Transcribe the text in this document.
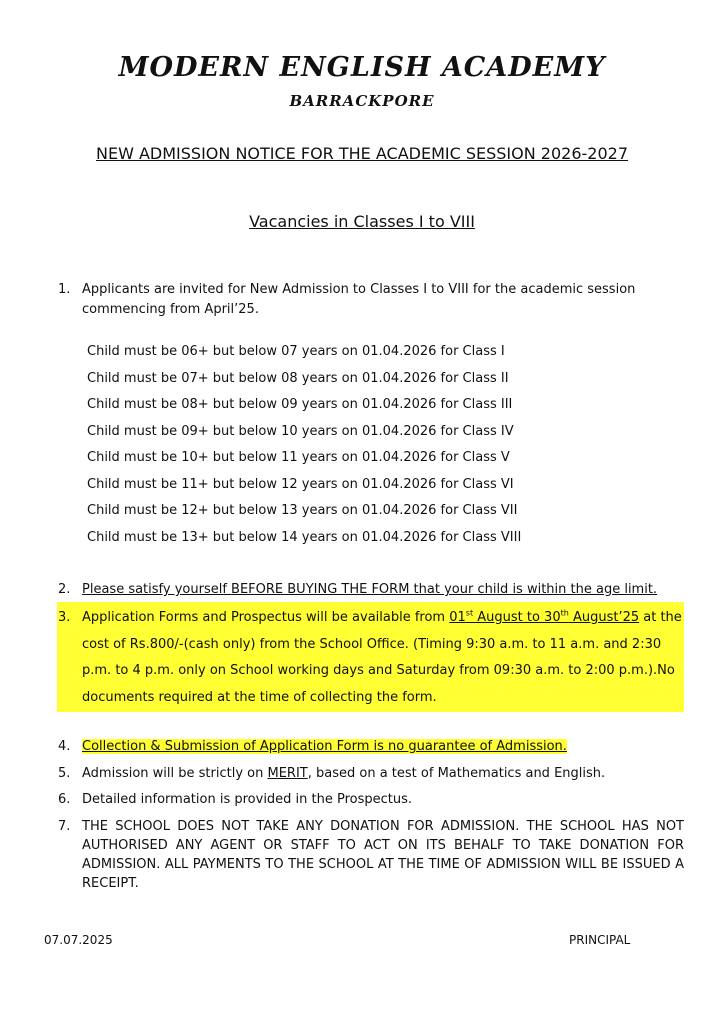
MODERN ENGLISH ACADEMY
BARRACKPORE
NEW ADMISSION NOTICE FOR THE ACADEMIC SESSION 2026-2027
Vacancies in Classes I to VIII
1. Applicants are invited for New Admission to Classes I to VIII for the academic session commencing from April’25.
Child must be 06+ but below 07 years on 01.04.2026 for Class I
Child must be 07+ but below 08 years on 01.04.2026 for Class II
Child must be 08+ but below 09 years on 01.04.2026 for Class III
Child must be 09+ but below 10 years on 01.04.2026 for Class IV
Child must be 10+ but below 11 years on 01.04.2026 for Class V
Child must be 11+ but below 12 years on 01.04.2026 for Class VI
Child must be 12+ but below 13 years on 01.04.2026 for Class VII
Child must be 13+ but below 14 years on 01.04.2026 for Class VIII
2. Please satisfy yourself BEFORE BUYING THE FORM that your child is within the age limit.
3. Application Forms and Prospectus will be available from 01st August to 30th August’25 at the cost of Rs.800/-(cash only) from the School Office. (Timing 9:30 a.m. to 11 a.m. and 2:30 p.m. to 4 p.m. only on School working days and Saturday from 09:30 a.m. to 2:00 p.m.).No documents required at the time of collecting the form.
4. Collection & Submission of Application Form is no guarantee of Admission.
5. Admission will be strictly on MERIT, based on a test of Mathematics and English.
6. Detailed information is provided in the Prospectus.
7. THE SCHOOL DOES NOT TAKE ANY DONATION FOR ADMISSION. THE SCHOOL HAS NOT AUTHORISED ANY AGENT OR STAFF TO ACT ON ITS BEHALF TO TAKE DONATION FOR ADMISSION. ALL PAYMENTS TO THE SCHOOL AT THE TIME OF ADMISSION WILL BE ISSUED A RECEIPT.
07.07.2025	PRINCIPAL
